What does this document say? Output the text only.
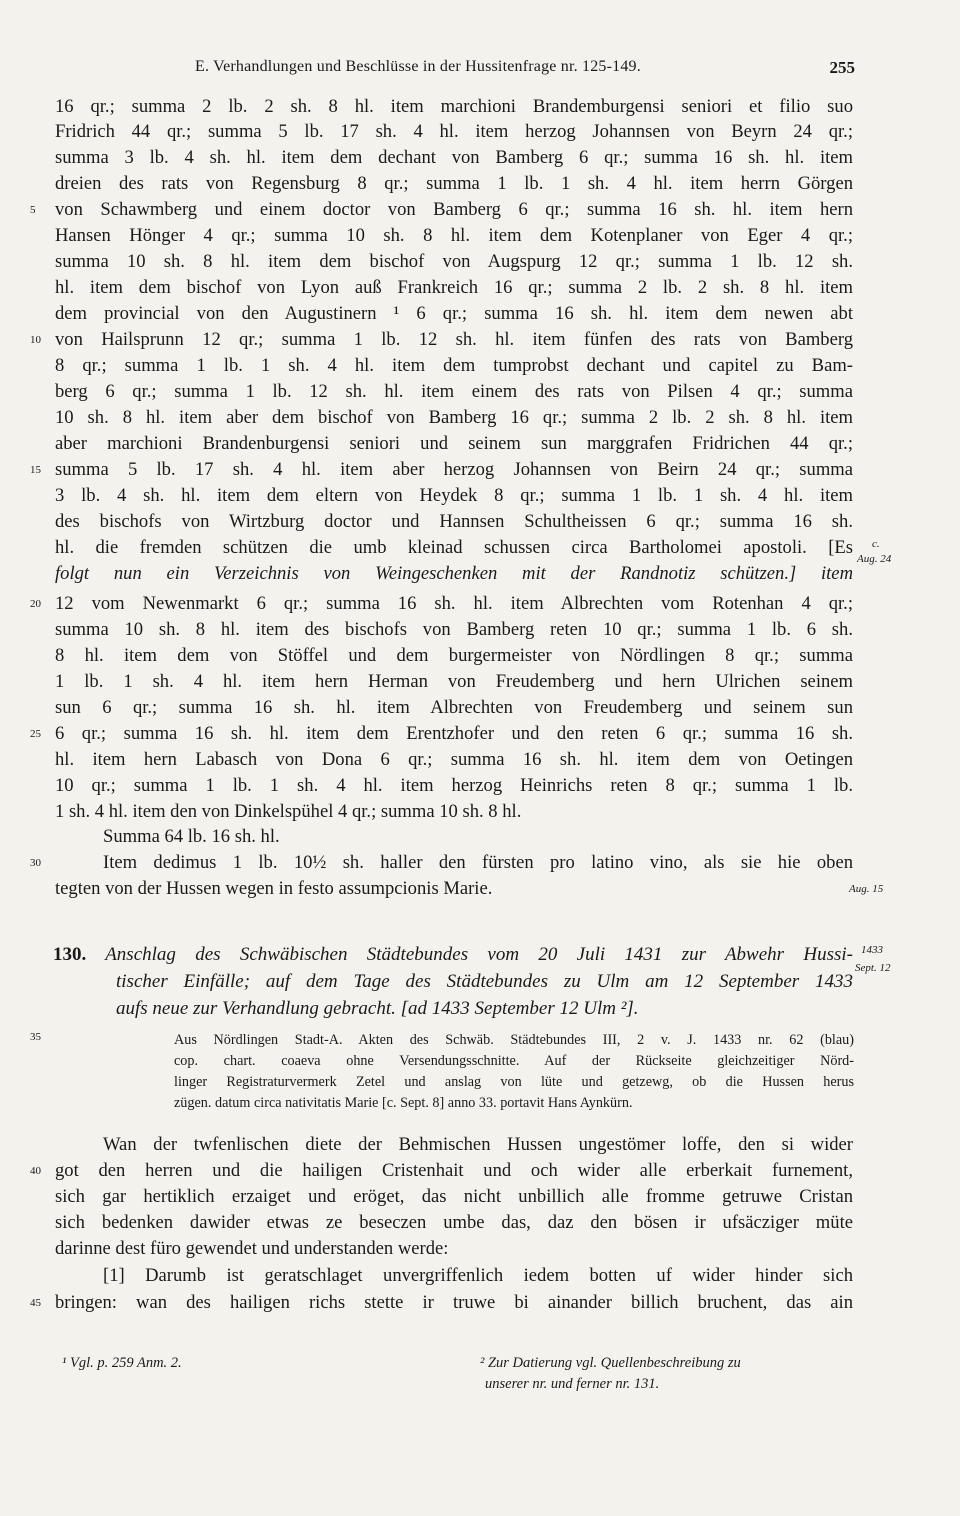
E. Verhandlungen und Beschlüsse in der Hussitenfrage nr. 125-149.	255
16 qr.; summa 2 lb. 2 sh. 8 hl. item marchioni Brandemburgensi seniori et filio suo
Fridrich 44 qr.; summa 5 lb. 17 sh. 4 hl. item herzog Johannsen von Beyrn 24 qr.;
summa 3 lb. 4 sh. hl. item dem dechant von Bamberg 6 qr.; summa 16 sh. hl. item
dreien des rats von Regensburg 8 qr.; summa 1 lb. 1 sh. 4 hl. item herrn Görgen
von Schawmberg und einem doctor von Bamberg 6 qr.; summa 16 sh. hl. item hern
Hansen Hönger 4 qr.; summa 10 sh. 8 hl. item dem Kotenplaner von Eger 4 qr.;
summa 10 sh. 8 hl. item dem bischof von Augspurg 12 qr.; summa 1 lb. 12 sh.
hl. item dem bischof von Lyon auß Frankreich 16 qr.; summa 2 lb. 2 sh. 8 hl. item
dem provincial von den Augustinern ¹ 6 qr.; summa 16 sh. hl. item dem newen abt
von Hailsprunn 12 qr.; summa 1 lb. 12 sh. hl. item fünfen des rats von Bamberg
8 qr.; summa 1 lb. 1 sh. 4 hl. item dem tumprobst dechant und capitel zu Bam-
berg 6 qr.; summa 1 lb. 12 sh. hl. item einem des rats von Pilsen 4 qr.; summa
10 sh. 8 hl. item aber dem bischof von Bamberg 16 qr.; summa 2 lb. 2 sh. 8 hl. item
aber marchioni Brandenburgensi seniori und seinem sun marggrafen Fridrichen 44 qr.;
summa 5 lb. 17 sh. 4 hl. item aber herzog Johannsen von Beirn 24 qr.; summa
3 lb. 4 sh. hl. item dem eltern von Heydek 8 qr.; summa 1 lb. 1 sh. 4 hl. item
des bischofs von Wirtzburg doctor und Hannsen Schultheissen 6 qr.; summa 16 sh.
hl. die fremden schützen die umb kleinad schussen circa Bartholomei apostoli. [Es
folgt nun ein Verzeichnis von Weingeschenken mit der Randnotiz schützen.] item
12 vom Newenmarkt 6 qr.; summa 16 sh. hl. item Albrechten vom Rotenhan 4 qr.;
summa 10 sh. 8 hl. item des bischofs von Bamberg reten 10 qr.; summa 1 lb. 6 sh.
8 hl. item dem von Stöffel und dem burgermeister von Nördlingen 8 qr.; summa
1 lb. 1 sh. 4 hl. item hern Herman von Freudemberg und hern Ulrichen seinem
sun 6 qr.; summa 16 sh. hl. item Albrechten von Freudemberg und seinem sun
6 qr.; summa 16 sh. hl. item dem Erentzhofer und den reten 6 qr.; summa 16 sh.
hl. item hern Labasch von Dona 6 qr.; summa 16 sh. hl. item dem von Oetingen
10 qr.; summa 1 lb. 1 sh. 4 hl. item herzog Heinrichs reten 8 qr.; summa 1 lb.
1 sh. 4 hl. item den von Dinkelspühel 4 qr.; summa 10 sh. 8 hl.
Summa 64 lb. 16 sh. hl.
Item dedimus 1 lb. 10½ sh. haller den fürsten pro latino vino, als sie hie oben
tegten von der Hussen wegen in festo assumpcionis Marie.
5
10
15
20
25
30
35
40
45
c.
Aug. 24
Aug. 15
1433
Sept. 12
130. Anschlag des Schwäbischen Städtebundes vom 20 Juli 1431 zur Abwehr Hussi-
tischer Einfälle; auf dem Tage des Städtebundes zu Ulm am 12 September 1433
aufs neue zur Verhandlung gebracht. [ad 1433 September 12 Ulm ²].
Aus Nördlingen Stadt-A. Akten des Schwäb. Städtebundes III, 2 v. J. 1433 nr. 62 (blau)
cop. chart. coaeva ohne Versendungsschnitte. Auf der Rückseite gleichzeitiger Nörd-
linger Registraturvermerk Zetel und anslag von lüte und getzewg, ob die Hussen herus
zügen. datum circa nativitatis Marie [c. Sept. 8] anno 33. portavit Hans Aynkürn.
Wan der twfenlischen diete der Behmischen Hussen ungestömer loffe, den si wider
got den herren und die hailigen Cristenhait und och wider alle erberkait furnement,
sich gar hertiklich erzaiget und eröget, das nicht unbillich alle fromme getruwe Cristan
sich bedenken dawider etwas ze beseczen umbe das, daz den bösen ir ufsäcziger müte
darinne dest füro gewendet und understanden werde:
[1] Darumb ist geratschlaget unvergriffenlich iedem botten uf wider hinder sich
bringen: wan des hailigen richs stette ir truwe bi ainander billich bruchent, das ain
¹ Vgl. p. 259 Anm. 2.	² Zur Datierung vgl. Quellenbeschreibung zu
unserer nr. und ferner nr. 131.
